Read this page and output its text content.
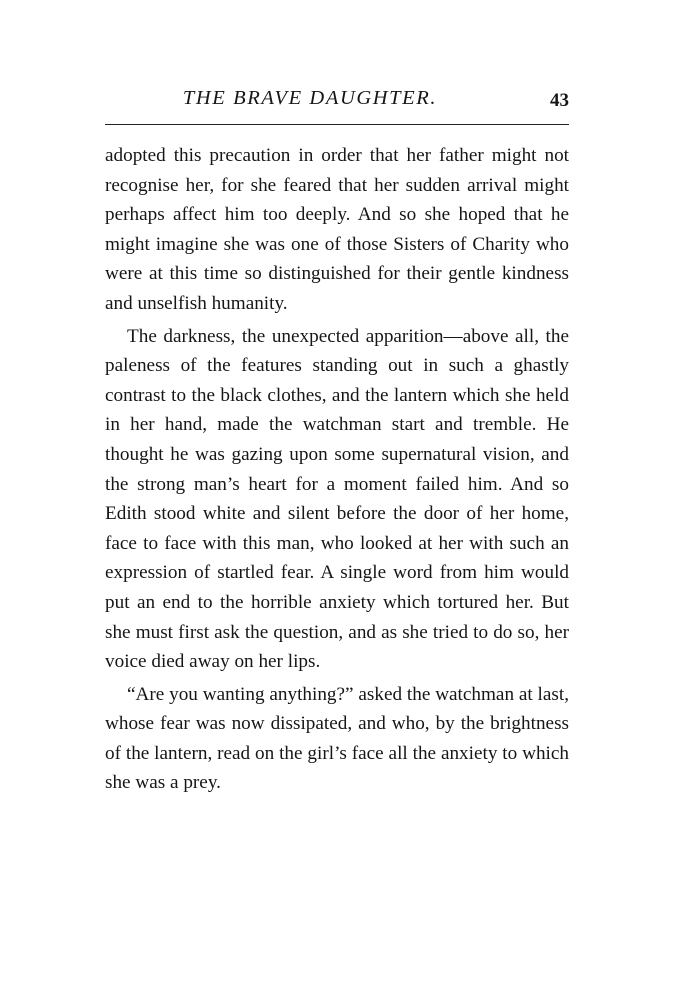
THE BRAVE DAUGHTER.	43

adopted this precaution in order that her father might not recognise her, for she feared that her sudden arrival might perhaps affect him too deeply. And so she hoped that he might imagine she was one of those Sisters of Charity who were at this time so distinguished for their gentle kindness and unselfish humanity.

The darkness, the unexpected apparition—above all, the paleness of the features standing out in such a ghastly contrast to the black clothes, and the lantern which she held in her hand, made the watchman start and tremble. He thought he was gazing upon some supernatural vision, and the strong man’s heart for a moment failed him. And so Edith stood white and silent before the door of her home, face to face with this man, who looked at her with such an expression of startled fear. A single word from him would put an end to the horrible anxiety which tortured her. But she must first ask the question, and as she tried to do so, her voice died away on her lips.

“Are you wanting anything?” asked the watchman at last, whose fear was now dissipated, and who, by the brightness of the lantern, read on the girl’s face all the anxiety to which she was a prey.
